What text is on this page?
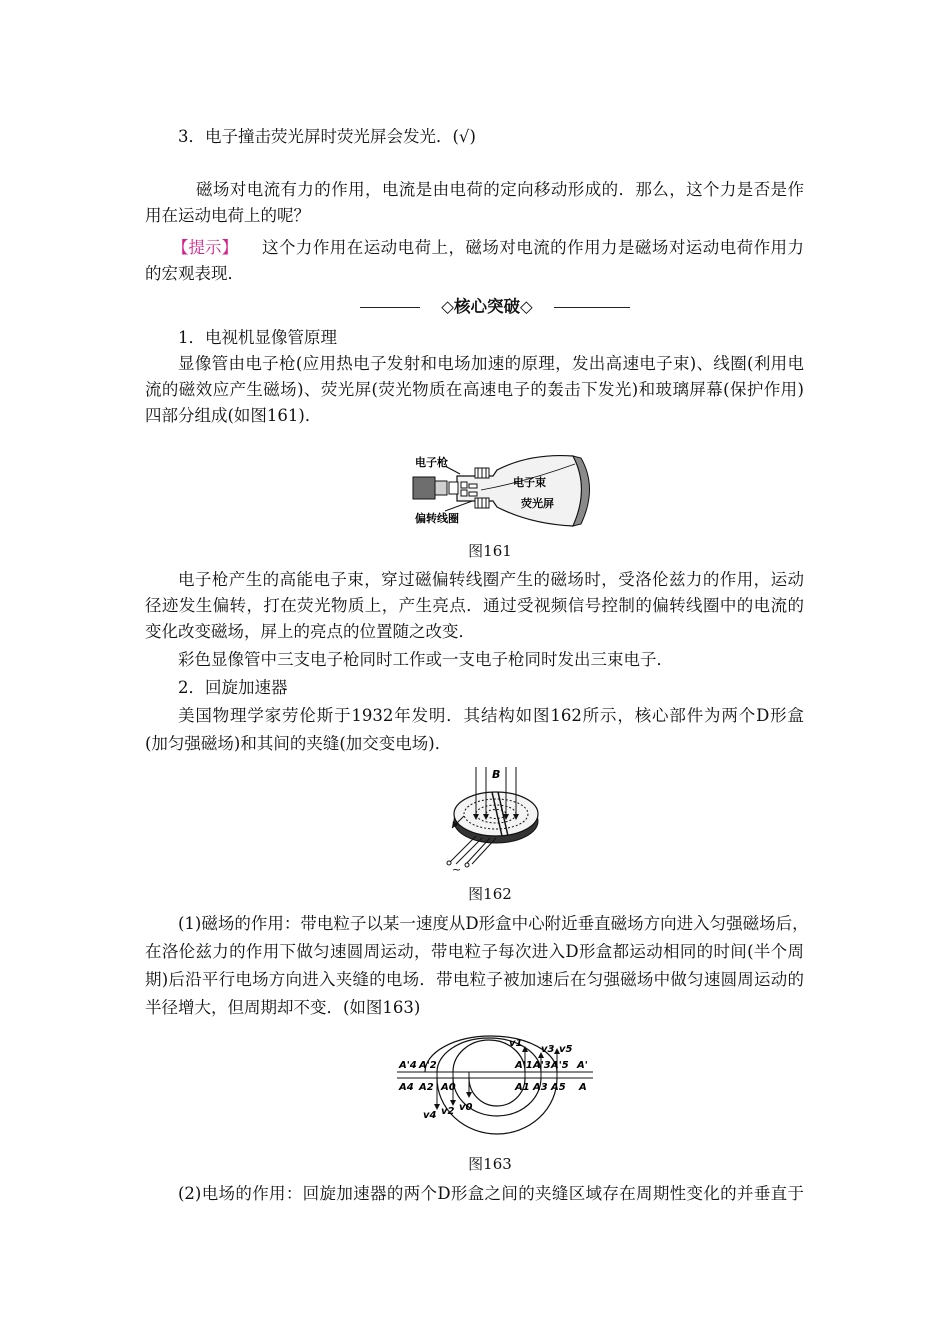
3．电子撞击荧光屏时荧光屏会发光．(√)
磁场对电流有力的作用，电流是由电荷的定向移动形成的．那么，这个力是否是作
用在运动电荷上的呢？
【提示】 这个力作用在运动电荷上，磁场对电流的作用力是磁场对运动电荷作用力
的宏观表现．
◇核心突破◇
1．电视机显像管原理
显像管由电子枪(应用热电子发射和电场加速的原理，发出高速电子束)、线圈(利用电
流的磁效应产生磁场)、荧光屏(荧光物质在高速电子的轰击下发光)和玻璃屏幕(保护作用)
四部分组成(如图161)．
电子枪
偏转线圈
电子束
荧光屏
图161
电子枪产生的高能电子束，穿过磁偏转线圈产生的磁场时，受洛伦兹力的作用，运动
径迹发生偏转，打在荧光物质上，产生亮点．通过受视频信号控制的偏转线圈中的电流的
变化改变磁场，屏上的亮点的位置随之改变．
彩色显像管中三支电子枪同时工作或一支电子枪同时发出三束电子．
2．回旋加速器
美国物理学家劳伦斯于1932年发明．其结构如图162所示，核心部件为两个D形盒
(加匀强磁场)和其间的夹缝(加交变电场)．
B
~
图162
(1)磁场的作用：带电粒子以某一速度从D形盒中心附近垂直磁场方向进入匀强磁场后，
在洛伦兹力的作用下做匀速圆周运动，带电粒子每次进入D形盒都运动相同的时间(半个周
期)后沿平行电场方向进入夹缝的电场．带电粒子被加速后在匀强磁场中做匀速圆周运动的
半径增大，但周期却不变．(如图163)
A'4 A'2	A'1 A'3 A'5 A'
A4 A2 A0	A1 A3 A5 A
v1
v3 v5
v0
v2
v4
图163
(2)电场的作用：回旋加速器的两个D形盒之间的夹缝区域存在周期性变化的并垂直于
